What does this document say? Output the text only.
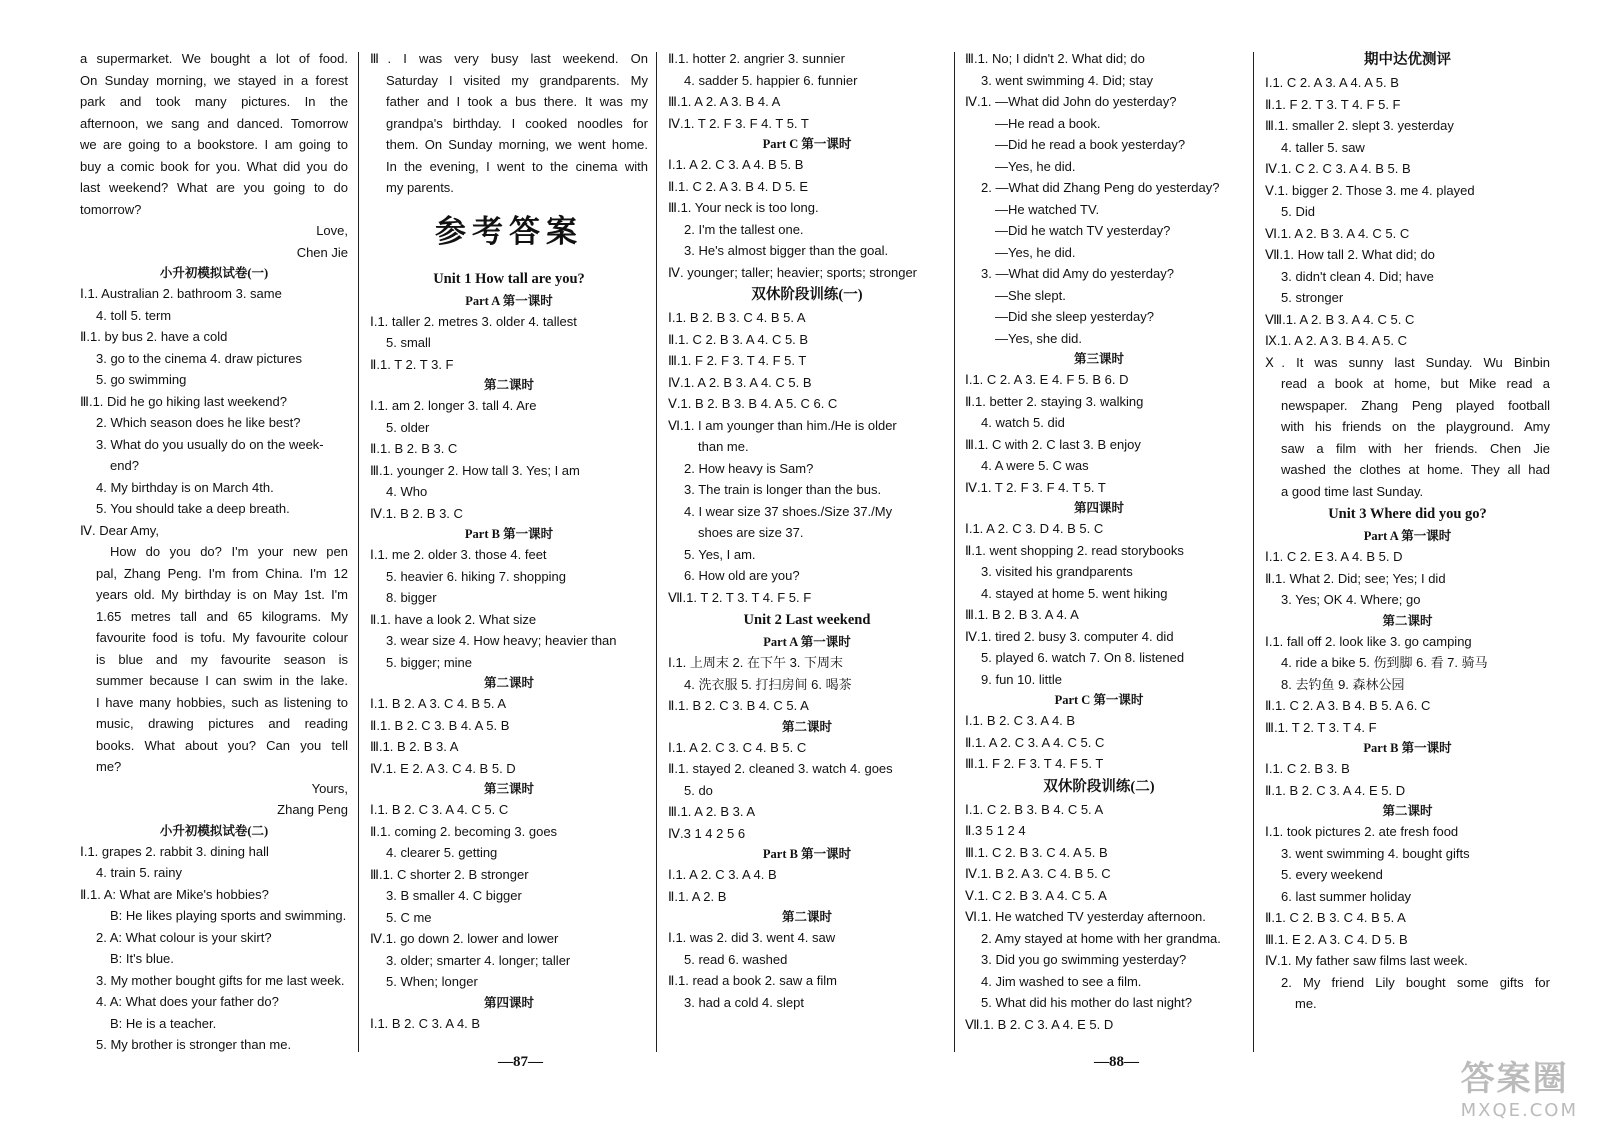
a supermarket. We bought a lot of food.
On Sunday morning, we stayed in a forest
park and took many pictures. In the
afternoon, we sang and danced. Tomorrow
we are going to a bookstore. I am going to
buy a comic book for you. What did you do
last weekend? What are you going to do
tomorrow?
Love,
Chen Jie
小升初模拟试卷(一)
Ⅰ.1. Australian 2. bathroom 3. same
4. toll 5. term
Ⅱ.1. by bus 2. have a cold
3. go to the cinema 4. draw pictures
5. go swimming
Ⅲ.1. Did he go hiking last weekend?
2. Which season does he like best?
3. What do you usually do on the week-
end?
4. My birthday is on March 4th.
5. You should take a deep breath.
Ⅳ. Dear Amy,
How do you do? I'm your new pen
pal, Zhang Peng. I'm from China. I'm 12
years old. My birthday is on May 1st. I'm
1.65 metres tall and 65 kilograms. My
favourite food is tofu. My favourite colour
is blue and my favourite season is
summer because I can swim in the lake.
I have many hobbies, such as listening to
music, drawing pictures and reading
books. What about you? Can you tell
me?
Yours,
Zhang Peng
小升初模拟试卷(二)
Ⅰ.1. grapes 2. rabbit 3. dining hall
4. train 5. rainy
Ⅱ.1. A: What are Mike's hobbies?
B: He likes playing sports and swimming.
2. A: What colour is your skirt?
B: It's blue.
3. My mother bought gifts for me last week.
4. A: What does your father do?
B: He is a teacher.
5. My brother is stronger than me.
Ⅲ. I was very busy last weekend. On
Saturday I visited my grandparents. My
father and I took a bus there. It was my
grandpa's birthday. I cooked noodles for
them. On Sunday morning, we went home.
In the evening, I went to the cinema with
my parents.
参考答案
Unit 1 How tall are you?
Part A 第一课时
Ⅰ.1. taller 2. metres 3. older 4. tallest
5. small
Ⅱ.1. T 2. T 3. F
第二课时
Ⅰ.1. am 2. longer 3. tall 4. Are
5. older
Ⅱ.1. B 2. B 3. C
Ⅲ.1. younger 2. How tall 3. Yes; I am
4. Who
Ⅳ.1. B 2. B 3. C
Part B 第一课时
Ⅰ.1. me 2. older 3. those 4. feet
5. heavier 6. hiking 7. shopping
8. bigger
Ⅱ.1. have a look 2. What size
3. wear size 4. How heavy; heavier than
5. bigger; mine
第二课时
Ⅰ.1. B 2. A 3. C 4. B 5. A
Ⅱ.1. B 2. C 3. B 4. A 5. B
Ⅲ.1. B 2. B 3. A
Ⅳ.1. E 2. A 3. C 4. B 5. D
第三课时
Ⅰ.1. B 2. C 3. A 4. C 5. C
Ⅱ.1. coming 2. becoming 3. goes
4. clearer 5. getting
Ⅲ.1. C shorter 2. B stronger
3. B smaller 4. C bigger
5. C me
Ⅳ.1. go down 2. lower and lower
3. older; smarter 4. longer; taller
5. When; longer
第四课时
Ⅰ.1. B 2. C 3. A 4. B
Ⅱ.1. hotter 2. angrier 3. sunnier
4. sadder 5. happier 6. funnier
Ⅲ.1. A 2. A 3. B 4. A
Ⅳ.1. T 2. F 3. F 4. T 5. T
Part C 第一课时
Ⅰ.1. A 2. C 3. A 4. B 5. B
Ⅱ.1. C 2. A 3. B 4. D 5. E
Ⅲ.1. Your neck is too long.
2. I'm the tallest one.
3. He's almost bigger than the goal.
Ⅳ. younger; taller; heavier; sports; stronger
双休阶段训练(一)
Ⅰ.1. B 2. B 3. C 4. B 5. A
Ⅱ.1. C 2. B 3. A 4. C 5. B
Ⅲ.1. F 2. F 3. T 4. F 5. T
Ⅳ.1. A 2. B 3. A 4. C 5. B
Ⅴ.1. B 2. B 3. B 4. A 5. C 6. C
Ⅵ.1. I am younger than him./He is older
than me.
2. How heavy is Sam?
3. The train is longer than the bus.
4. I wear size 37 shoes./Size 37./My
shoes are size 37.
5. Yes, I am.
6. How old are you?
Ⅶ.1. T 2. T 3. T 4. F 5. F
Unit 2 Last weekend
Part A 第一课时
Ⅰ.1. 上周末 2. 在下午 3. 下周末
4. 洗衣服 5. 打扫房间 6. 喝茶
Ⅱ.1. B 2. C 3. B 4. C 5. A
第二课时
Ⅰ.1. A 2. C 3. C 4. B 5. C
Ⅱ.1. stayed 2. cleaned 3. watch 4. goes
5. do
Ⅲ.1. A 2. B 3. A
Ⅳ.3 1 4 2 5 6
Part B 第一课时
Ⅰ.1. A 2. C 3. A 4. B
Ⅱ.1. A 2. B
第二课时
Ⅰ.1. was 2. did 3. went 4. saw
5. read 6. washed
Ⅱ.1. read a book 2. saw a film
3. had a cold 4. slept
Ⅲ.1. No; I didn't 2. What did; do
3. went swimming 4. Did; stay
Ⅳ.1. —What did John do yesterday?
—He read a book.
—Did he read a book yesterday?
—Yes, he did.
2. —What did Zhang Peng do yesterday?
—He watched TV.
—Did he watch TV yesterday?
—Yes, he did.
3. —What did Amy do yesterday?
—She slept.
—Did she sleep yesterday?
—Yes, she did.
第三课时
Ⅰ.1. C 2. A 3. E 4. F 5. B 6. D
Ⅱ.1. better 2. staying 3. walking
4. watch 5. did
Ⅲ.1. C with 2. C last 3. B enjoy
4. A were 5. C was
Ⅳ.1. T 2. F 3. F 4. T 5. T
第四课时
Ⅰ.1. A 2. C 3. D 4. B 5. C
Ⅱ.1. went shopping 2. read storybooks
3. visited his grandparents
4. stayed at home 5. went hiking
Ⅲ.1. B 2. B 3. A 4. A
Ⅳ.1. tired 2. busy 3. computer 4. did
5. played 6. watch 7. On 8. listened
9. fun 10. little
Part C 第一课时
Ⅰ.1. B 2. C 3. A 4. B
Ⅱ.1. A 2. C 3. A 4. C 5. C
Ⅲ.1. F 2. F 3. T 4. F 5. T
双休阶段训练(二)
Ⅰ.1. C 2. B 3. B 4. C 5. A
Ⅱ.3 5 1 2 4
Ⅲ.1. C 2. B 3. C 4. A 5. B
Ⅳ.1. B 2. A 3. C 4. B 5. C
Ⅴ.1. C 2. B 3. A 4. C 5. A
Ⅵ.1. He watched TV yesterday afternoon.
2. Amy stayed at home with her grandma.
3. Did you go swimming yesterday?
4. Jim washed to see a film.
5. What did his mother do last night?
Ⅶ.1. B 2. C 3. A 4. E 5. D
期中达优测评
Ⅰ.1. C 2. A 3. A 4. A 5. B
Ⅱ.1. F 2. T 3. T 4. F 5. F
Ⅲ.1. smaller 2. slept 3. yesterday
4. taller 5. saw
Ⅳ.1. C 2. C 3. A 4. B 5. B
Ⅴ.1. bigger 2. Those 3. me 4. played
5. Did
Ⅵ.1. A 2. B 3. A 4. C 5. C
Ⅶ.1. How tall 2. What did; do
3. didn't clean 4. Did; have
5. stronger
Ⅷ.1. A 2. B 3. A 4. C 5. C
Ⅸ.1. A 2. A 3. B 4. A 5. C
Ⅹ. It was sunny last Sunday. Wu Binbin
read a book at home, but Mike read a
newspaper. Zhang Peng played football
with his friends on the playground. Amy
saw a film with her friends. Chen Jie
washed the clothes at home. They all had
a good time last Sunday.
Unit 3 Where did you go?
Part A 第一课时
Ⅰ.1. C 2. E 3. A 4. B 5. D
Ⅱ.1. What 2. Did; see; Yes; I did
3. Yes; OK 4. Where; go
第二课时
Ⅰ.1. fall off 2. look like 3. go camping
4. ride a bike 5. 伤到脚 6. 看 7. 骑马
8. 去钓鱼 9. 森林公园
Ⅱ.1. C 2. A 3. B 4. B 5. A 6. C
Ⅲ.1. T 2. T 3. T 4. F
Part B 第一课时
Ⅰ.1. C 2. B 3. B
Ⅱ.1. B 2. C 3. A 4. E 5. D
第二课时
Ⅰ.1. took pictures 2. ate fresh food
3. went swimming 4. bought gifts
5. every weekend
6. last summer holiday
Ⅱ.1. C 2. B 3. C 4. B 5. A
Ⅲ.1. E 2. A 3. C 4. D 5. B
Ⅳ.1. My father saw films last week.
2. My friend Lily bought some gifts for
me.
—87—	—88—	答案圈
MXQE.COM
